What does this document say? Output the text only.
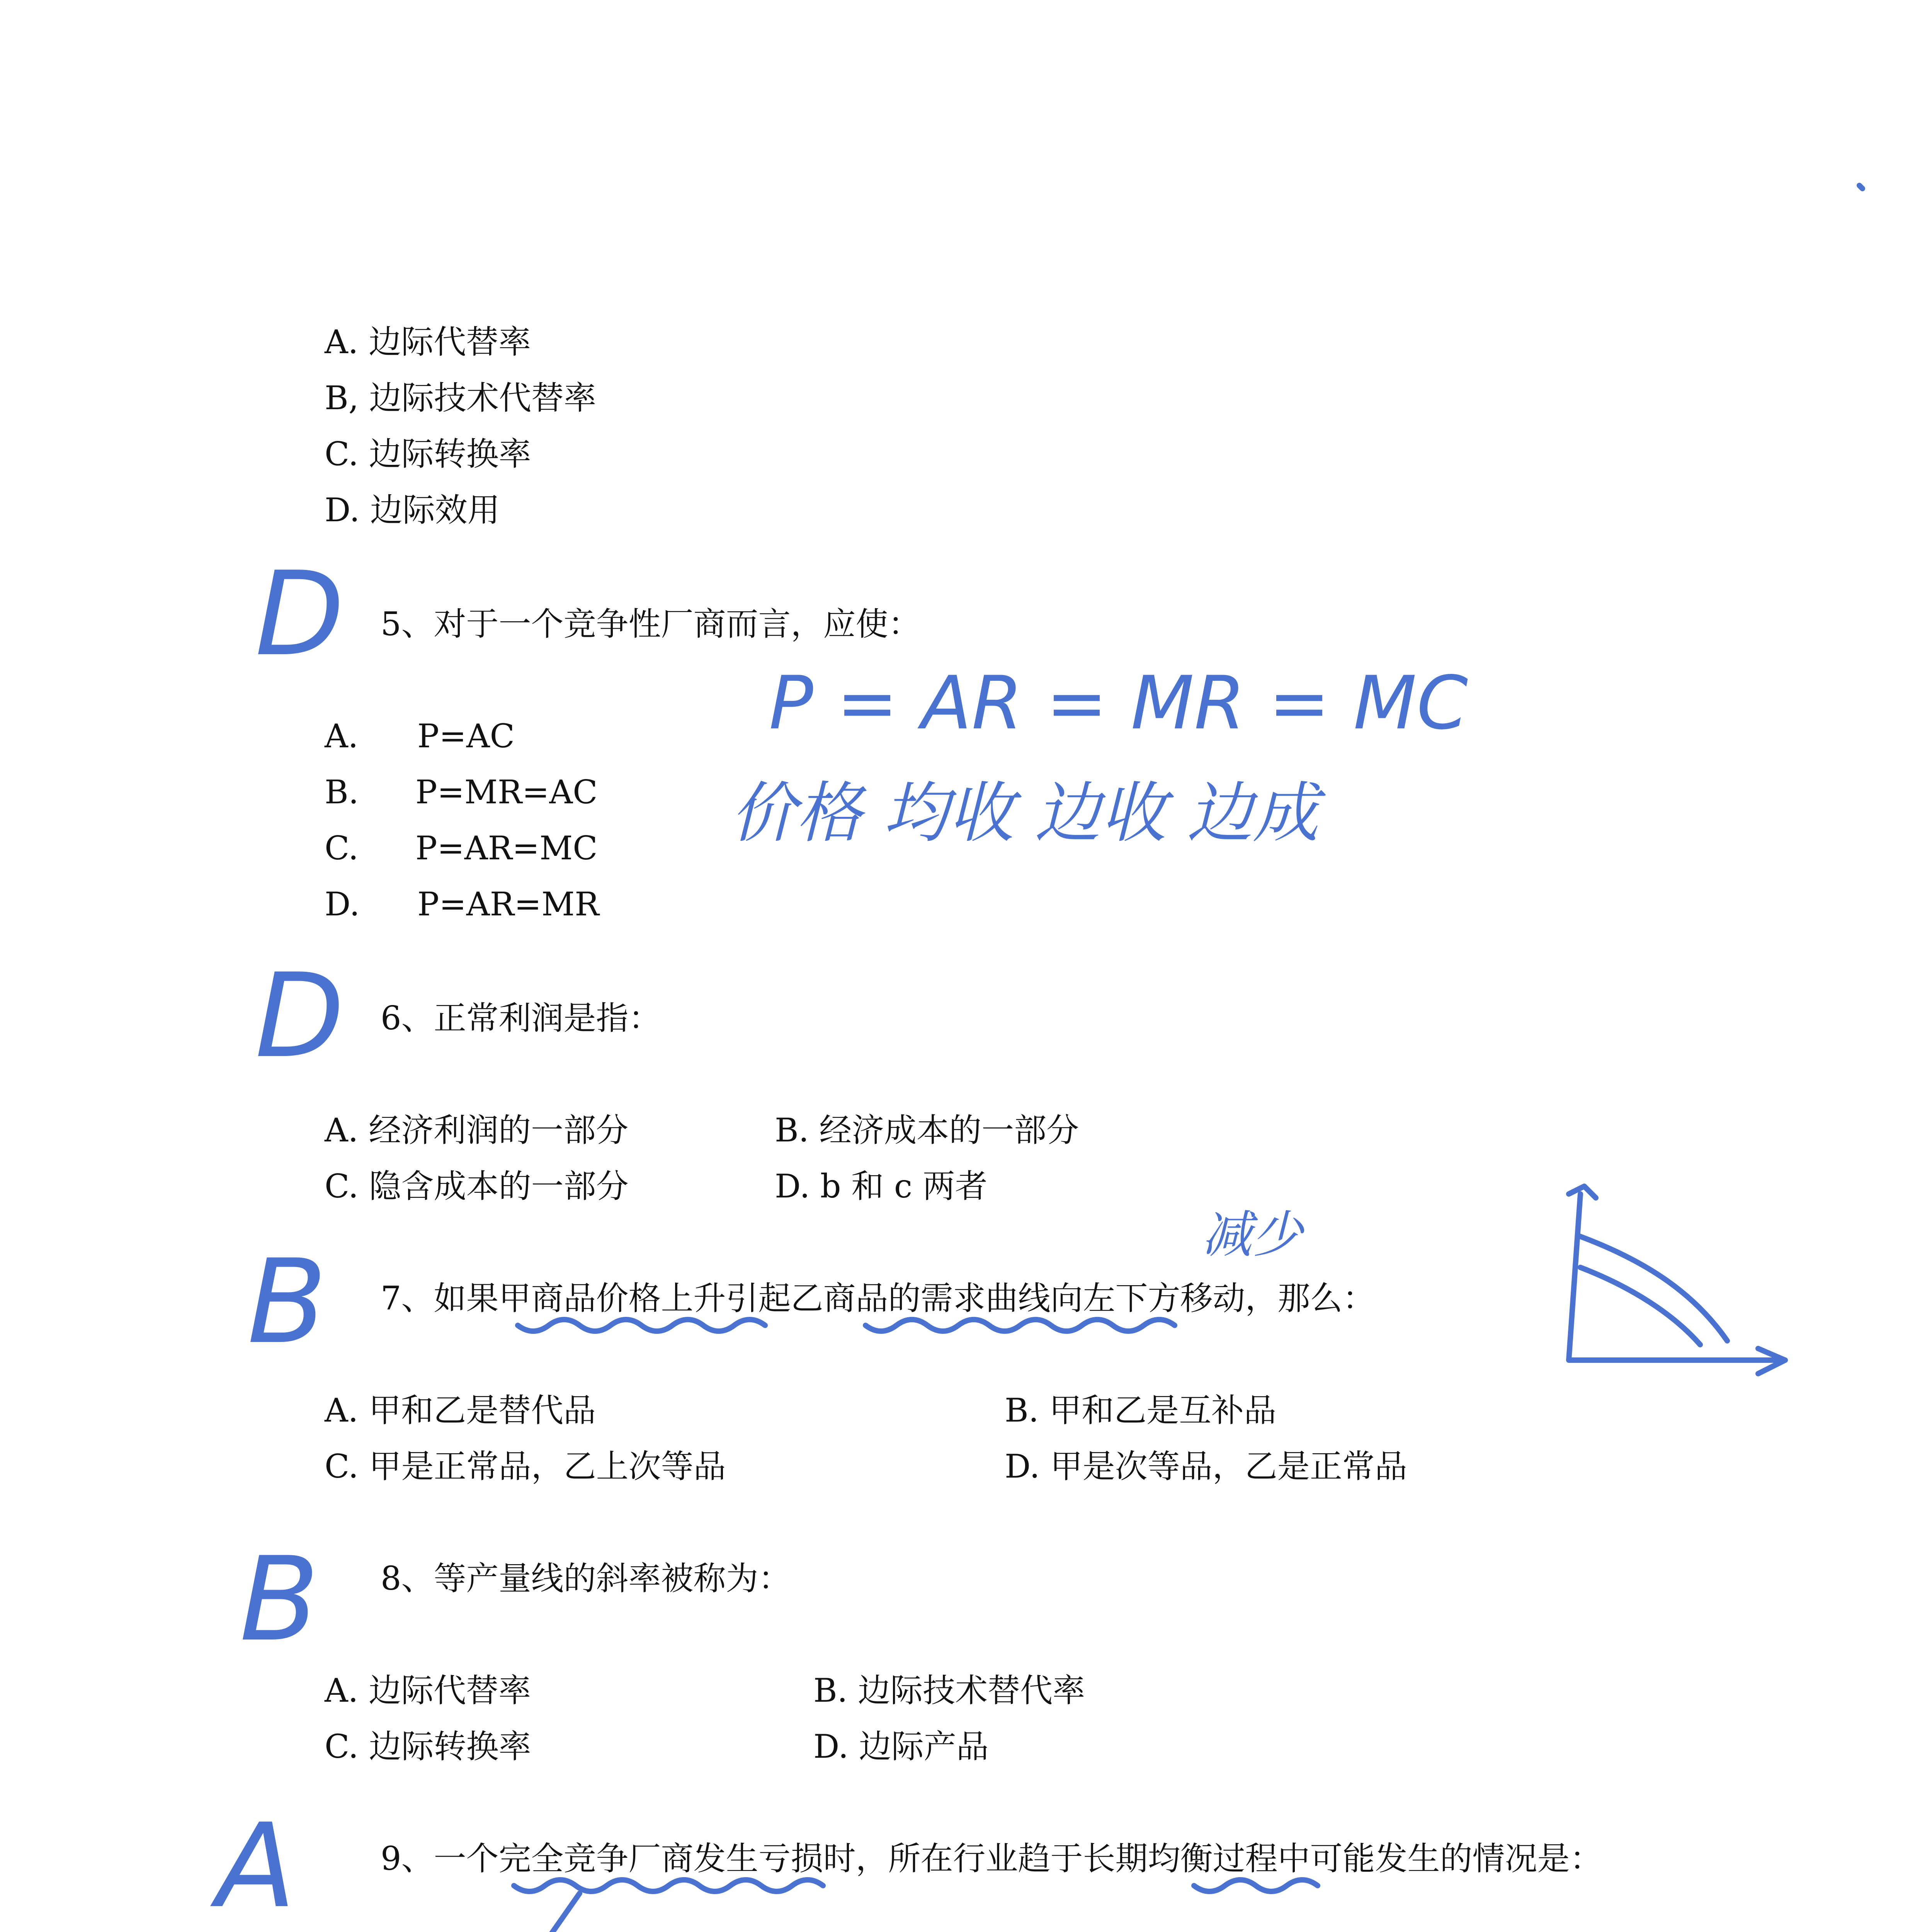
A. 边际代替率
B, 边际技术代替率
C. 边际转换率
D. 边际效用
5、对于一个竞争性厂商而言，应使：
A. P=AC
B. P=MR=AC
C. P=AR=MC
D. P=AR=MR
6、正常利润是指：
A. 经济利润的一部分	B. 经济成本的一部分
C. 隐含成本的一部分	D. b 和 c 两者
7、如果甲商品价格上升引起乙商品的需求曲线向左下方移动，那么：
A. 甲和乙是替代品	B. 甲和乙是互补品
C. 甲是正常品，乙上次等品	D. 甲是次等品，乙是正常品
8、等产量线的斜率被称为：
A. 边际代替率	B. 边际技术替代率
C. 边际转换率	D. 边际产品
9、一个完全竞争厂商发生亏损时，所在行业趋于长期均衡过程中可能发生的情况是：
D
D
B
B
A
P = AR = MR = MC
价格 均收 边收 边成
减少
